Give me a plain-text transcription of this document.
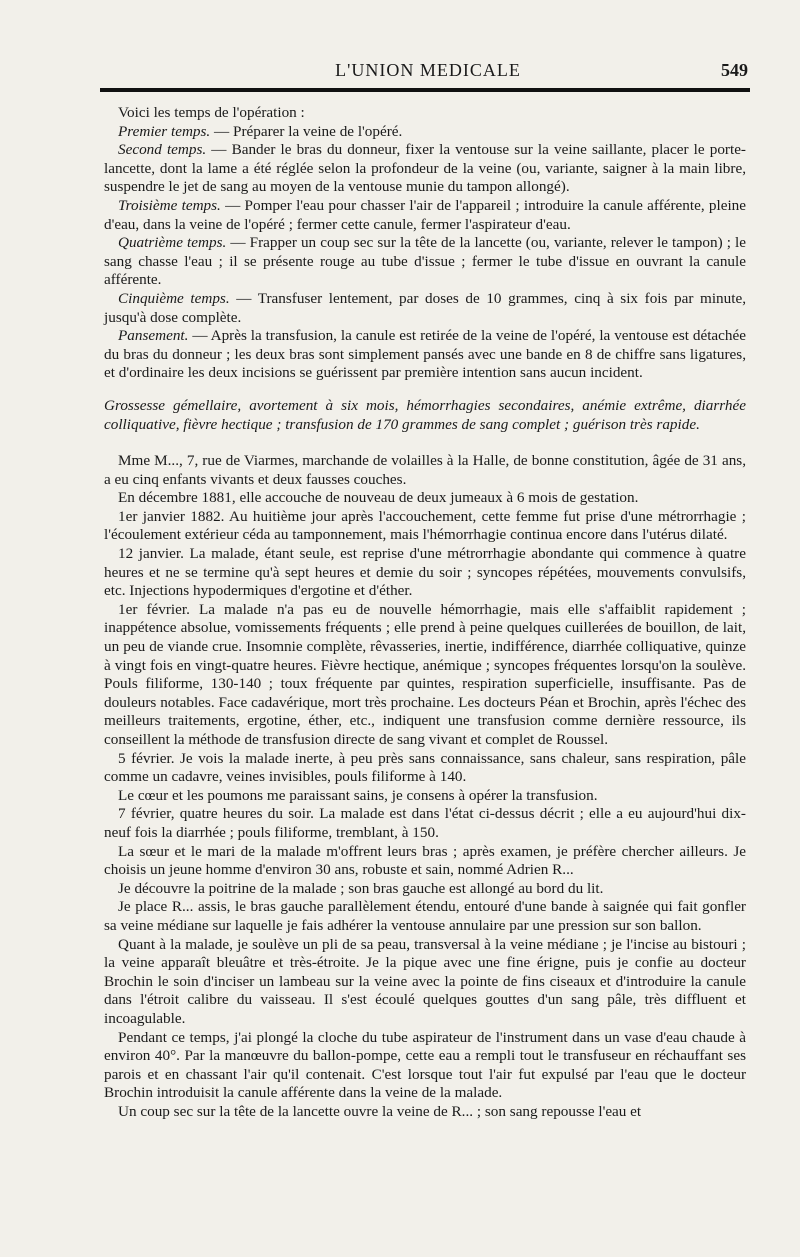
L'UNION MEDICALE	549

Voici les temps de l'opération :

Premier temps. — Préparer la veine de l'opéré.

Second temps. — Bander le bras du donneur, fixer la ventouse sur la veine saillante, placer le porte-lancette, dont la lame a été réglée selon la profondeur de la veine (ou, variante, saigner à la main libre, suspendre le jet de sang au moyen de la ventouse munie du tampon allongé).

Troisième temps. — Pomper l'eau pour chasser l'air de l'appareil ; introduire la canule afférente, pleine d'eau, dans la veine de l'opéré ; fermer cette canule, fermer l'aspirateur d'eau.

Quatrième temps. — Frapper un coup sec sur la tête de la lancette (ou, variante, relever le tampon) ; le sang chasse l'eau ; il se présente rouge au tube d'issue ; fermer le tube d'issue en ouvrant la canule afférente.

Cinquième temps. — Transfuser lentement, par doses de 10 grammes, cinq à six fois par minute, jusqu'à dose complète.

Pansement. — Après la transfusion, la canule est retirée de la veine de l'opéré, la ventouse est détachée du bras du donneur ; les deux bras sont simplement pansés avec une bande en 8 de chiffre sans ligatures, et d'ordinaire les deux incisions se guérissent par première intention sans aucun incident.

Grossesse gémellaire, avortement à six mois, hémorrhagies secondaires, anémie extrême, diarrhée colliquative, fièvre hectique ; transfusion de 170 grammes de sang complet ; guérison très rapide.

Mme M..., 7, rue de Viarmes, marchande de volailles à la Halle, de bonne constitution, âgée de 31 ans, a eu cinq enfants vivants et deux fausses couches.

En décembre 1881, elle accouche de nouveau de deux jumeaux à 6 mois de gestation.

1er janvier 1882. Au huitième jour après l'accouchement, cette femme fut prise d'une métrorrhagie ; l'écoulement extérieur céda au tamponnement, mais l'hémorrhagie continua encore dans l'utérus dilaté.

12 janvier. La malade, étant seule, est reprise d'une métrorrhagie abondante qui commence à quatre heures et ne se termine qu'à sept heures et demie du soir ; syncopes répétées, mouvements convulsifs, etc. Injections hypodermiques d'ergotine et d'éther.

1er février. La malade n'a pas eu de nouvelle hémorrhagie, mais elle s'affaiblit rapidement ; inappétence absolue, vomissements fréquents ; elle prend à peine quelques cuillerées de bouillon, de lait, un peu de viande crue. Insomnie complète, rêvasseries, inertie, indifférence, diarrhée colliquative, quinze à vingt fois en vingt-quatre heures. Fièvre hectique, anémique ; syncopes fréquentes lorsqu'on la soulève. Pouls filiforme, 130-140 ; toux fréquente par quintes, respiration superficielle, insuffisante. Pas de douleurs notables. Face cadavérique, mort très prochaine. Les docteurs Péan et Brochin, après l'échec des meilleurs traitements, ergotine, éther, etc., indiquent une transfusion comme dernière ressource, ils conseillent la méthode de transfusion directe de sang vivant et complet de Roussel.

5 février. Je vois la malade inerte, à peu près sans connaissance, sans chaleur, sans respiration, pâle comme un cadavre, veines invisibles, pouls filiforme à 140.

Le cœur et les poumons me paraissant sains, je consens à opérer la transfusion.

7 février, quatre heures du soir. La malade est dans l'état ci-dessus décrit ; elle a eu aujourd'hui dix-neuf fois la diarrhée ; pouls filiforme, tremblant, à 150.

La sœur et le mari de la malade m'offrent leurs bras ; après examen, je préfère chercher ailleurs. Je choisis un jeune homme d'environ 30 ans, robuste et sain, nommé Adrien R...

Je découvre la poitrine de la malade ; son bras gauche est allongé au bord du lit.

Je place R... assis, le bras gauche parallèlement étendu, entouré d'une bande à saignée qui fait gonfler sa veine médiane sur laquelle je fais adhérer la ventouse annulaire par une pression sur son ballon.

Quant à la malade, je soulève un pli de sa peau, transversal à la veine médiane ; je l'incise au bistouri ; la veine apparaît bleuâtre et très-étroite. Je la pique avec une fine érigne, puis je confie au docteur Brochin le soin d'inciser un lambeau sur la veine avec la pointe de fins ciseaux et d'introduire la canule dans l'étroit calibre du vaisseau. Il s'est écoulé quelques gouttes d'un sang pâle, très diffluent et incoagulable.

Pendant ce temps, j'ai plongé la cloche du tube aspirateur de l'instrument dans un vase d'eau chaude à environ 40°. Par la manœuvre du ballon-pompe, cette eau a rempli tout le transfuseur en réchauffant ses parois et en chassant l'air qu'il contenait. C'est lorsque tout l'air fut expulsé par l'eau que le docteur Brochin introduisit la canule afférente dans la veine de la malade.

Un coup sec sur la tête de la lancette ouvre la veine de R... ; son sang repousse l'eau et
